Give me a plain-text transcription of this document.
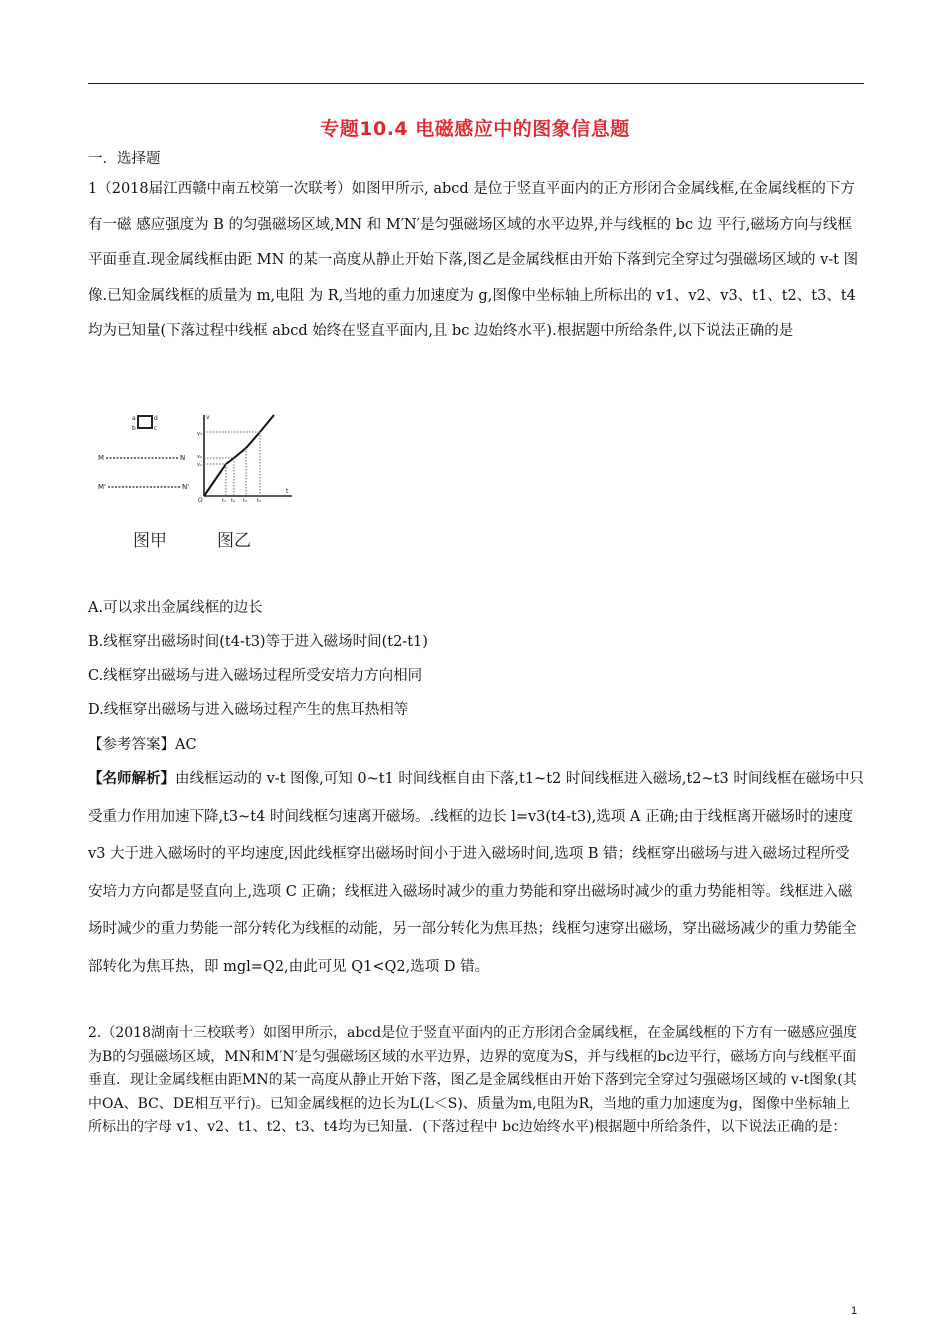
专题10.4 电磁感应中的图象信息题
一．选择题
1（2018届江西赣中南五校第一次联考）如图甲所示, abcd 是位于竖直平面内的正方形闭合金属线框,在金属线框的下方有一磁 感应强度为 B 的匀强磁场区域,MN 和 M′N′是匀强磁场区域的水平边界,并与线框的 bc 边 平行,磁场方向与线框平面垂直.现金属线框由距 MN 的某一高度从静止开始下落,图乙是金属线框由开始下落到完全穿过匀强磁场区域的 v-t 图像.已知金属线框的质量为 m,电阻 为 R,当地的重力加速度为 g,图像中坐标轴上所标出的 v1、v2、v3、t1、t2、t3、t4 均为已知量(下落过程中线框 abcd 始终在竖直平面内,且 bc 边始终水平).根据题中所给条件,以下说法正确的是
a	d
b	c
M	N
M'	N'
v
t
O
v₃
v₂
v₁
t₁ t₂ t₃ t₄
图甲	图乙
A.可以求出金属线框的边长
B.线框穿出磁场时间(t4-t3)等于进入磁场时间(t2-t1)
C.线框穿出磁场与进入磁场过程所受安培力方向相同
D.线框穿出磁场与进入磁场过程产生的焦耳热相等
【参考答案】AC
【名师解析】由线框运动的 v-t 图像,可知 0~t1 时间线框自由下落,t1~t2 时间线框进入磁场,t2~t3 时间线框在磁场中只受重力作用加速下降,t3~t4 时间线框匀速离开磁场。.线框的边长 l=v3(t4-t3),选项 A 正确;由于线框离开磁场时的速度 v3 大于进入磁场时的平均速度,因此线框穿出磁场时间小于进入磁场时间,选项 B 错；线框穿出磁场与进入磁场过程所受安培力方向都是竖直向上,选项 C 正确；线框进入磁场时减少的重力势能和穿出磁场时减少的重力势能相等。线框进入磁场时减少的重力势能一部分转化为线框的动能，另一部分转化为焦耳热；线框匀速穿出磁场，穿出磁场减少的重力势能全部转化为焦耳热，即 mgl=Q2,由此可见 Q1<Q2,选项 D 错。
2.（2018湖南十三校联考）如图甲所示，abcd是位于竖直平面内的正方形闭合金属线框，在金属线框的下方有一磁感应强度为B的匀强磁场区域，MN和M′N′是匀强磁场区域的水平边界，边界的宽度为S，并与线框的bc边平行，磁场方向与线框平面垂直．现让金属线框由距MN的某一高度从静止开始下落，图乙是金属线框由开始下落到完全穿过匀强磁场区域的 v-t图象(其中OA、BC、DE相互平行)。已知金属线框的边长为L(L＜S)、质量为m,电阻为R，当地的重力加速度为g，图像中坐标轴上所标出的字母 v1、v2、t1、t2、t3、t4均为已知量．(下落过程中 bc边始终水平)根据题中所给条件，以下说法正确的是：
1
